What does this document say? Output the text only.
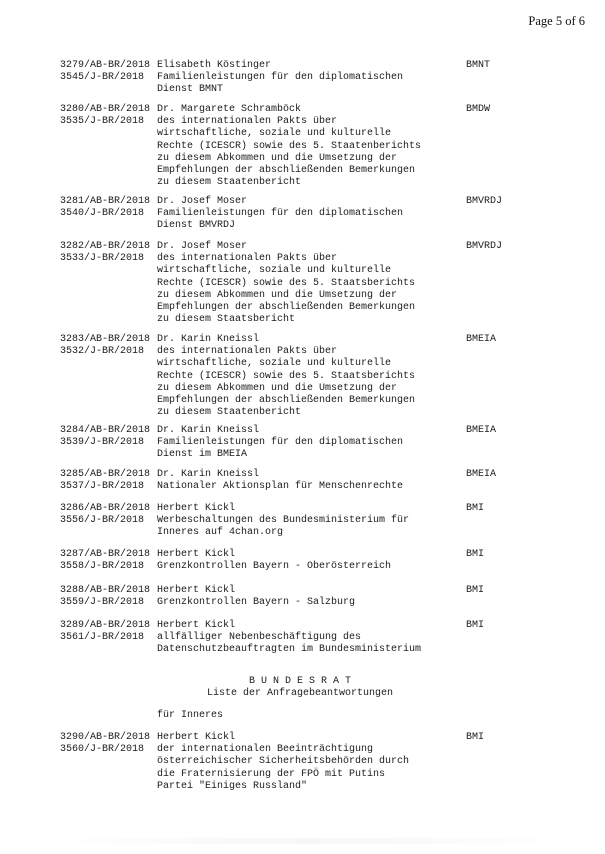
Page 5 of 6
3279/AB-BR/2018
3545/J-BR/2018
Elisabeth Köstinger
Familienleistungen für den diplomatischen
Dienst BMNT
BMNT
3280/AB-BR/2018
3535/J-BR/2018
Dr. Margarete Schramböck
des internationalen Pakts über
wirtschaftliche, soziale und kulturelle
Rechte (ICESCR) sowie des 5. Staatenberichts
zu diesem Abkommen und die Umsetzung der
Empfehlungen der abschließenden Bemerkungen
zu diesem Staatenbericht
BMDW
3281/AB-BR/2018
3540/J-BR/2018
Dr. Josef Moser
Familienleistungen für den diplomatischen
Dienst BMVRDJ
BMVRDJ
3282/AB-BR/2018
3533/J-BR/2018
Dr. Josef Moser
des internationalen Pakts über
wirtschaftliche, soziale und kulturelle
Rechte (ICESCR) sowie des 5. Staatsberichts
zu diesem Abkommen und die Umsetzung der
Empfehlungen der abschließenden Bemerkungen
zu diesem Staatsbericht
BMVRDJ
3283/AB-BR/2018
3532/J-BR/2018
Dr. Karin Kneissl
des internationalen Pakts über
wirtschaftliche, soziale und kulturelle
Rechte (ICESCR) sowie des 5. Staatsberichts
zu diesem Abkommen und die Umsetzung der
Empfehlungen der abschließenden Bemerkungen
zu diesem Staatenbericht
BMEIA
3284/AB-BR/2018
3539/J-BR/2018
Dr. Karin Kneissl
Familienleistungen für den diplomatischen
Dienst im BMEIA
BMEIA
3285/AB-BR/2018
3537/J-BR/2018
Dr. Karin Kneissl
Nationaler Aktionsplan für Menschenrechte
BMEIA
3286/AB-BR/2018
3556/J-BR/2018
Herbert Kickl
Werbeschaltungen des Bundesministerium für
Inneres auf 4chan.org
BMI
3287/AB-BR/2018
3558/J-BR/2018
Herbert Kickl
Grenzkontrollen Bayern - Oberösterreich
BMI
3288/AB-BR/2018
3559/J-BR/2018
Herbert Kickl
Grenzkontrollen Bayern - Salzburg
BMI
3289/AB-BR/2018
3561/J-BR/2018
Herbert Kickl
allfälliger Nebenbeschäftigung des
Datenschutzbeauftragten im Bundesministerium
BMI
B U N D E S R A T
Liste der Anfragebeantwortungen
für Inneres
3290/AB-BR/2018
3560/J-BR/2018
Herbert Kickl
der internationalen Beeinträchtigung
österreichischer Sicherheitsbehörden durch
die Fraternisierung der FPÖ mit Putins
Partei "Einiges Russland"
BMI
